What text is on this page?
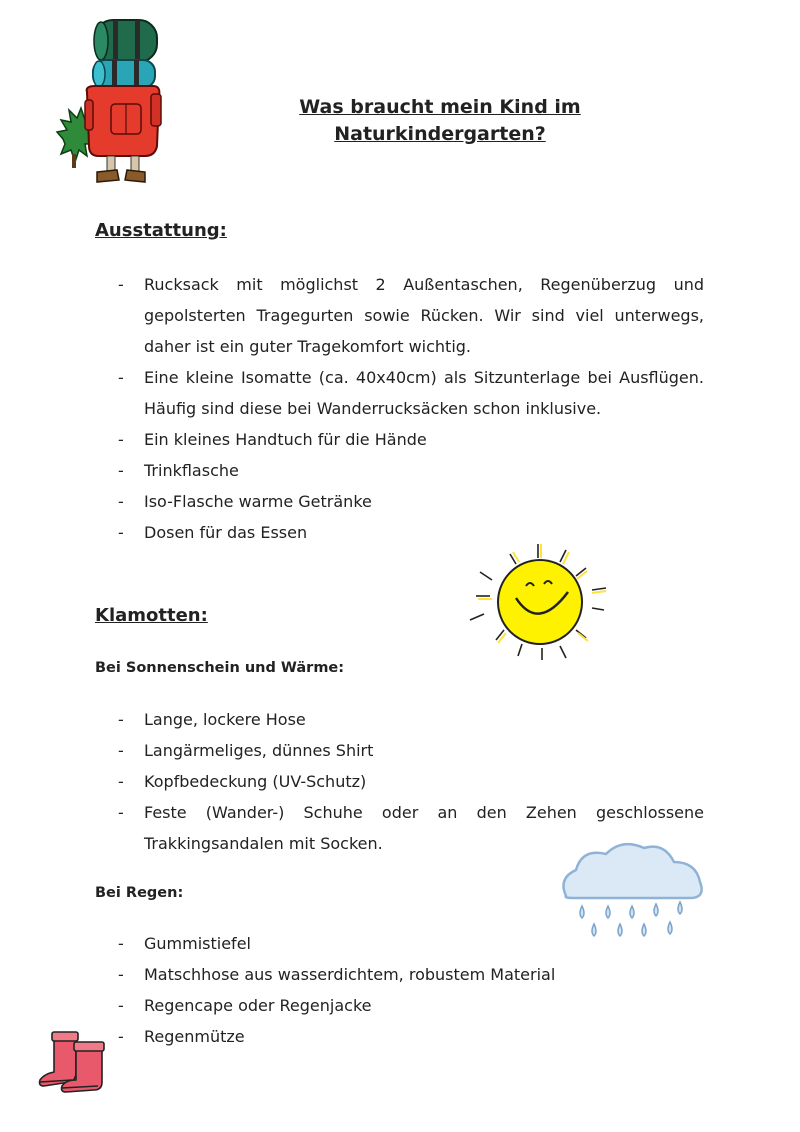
Was braucht mein Kind im Naturkindergarten?
Ausstattung:
- Rucksack mit möglichst 2 Außentaschen, Regenüberzug und gepolsterten Tragegurten sowie Rücken. Wir sind viel unterwegs, daher ist ein guter Tragekomfort wichtig.
- Eine kleine Isomatte (ca. 40x40cm) als Sitzunterlage bei Ausflügen. Häufig sind diese bei Wanderrucksäcken schon inklusive.
- Ein kleines Handtuch für die Hände
- Trinkflasche
- Iso-Flasche warme Getränke
- Dosen für das Essen
Klamotten:
Bei Sonnenschein und Wärme:
- Lange, lockere Hose
- Langärmeliges, dünnes Shirt
- Kopfbedeckung (UV-Schutz)
- Feste (Wander-) Schuhe oder an den Zehen geschlossene Trakkingsandalen mit Socken.
Bei Regen:
- Gummistiefel
- Matschhose aus wasserdichtem, robustem Material
- Regencape oder Regenjacke
- Regenmütze
